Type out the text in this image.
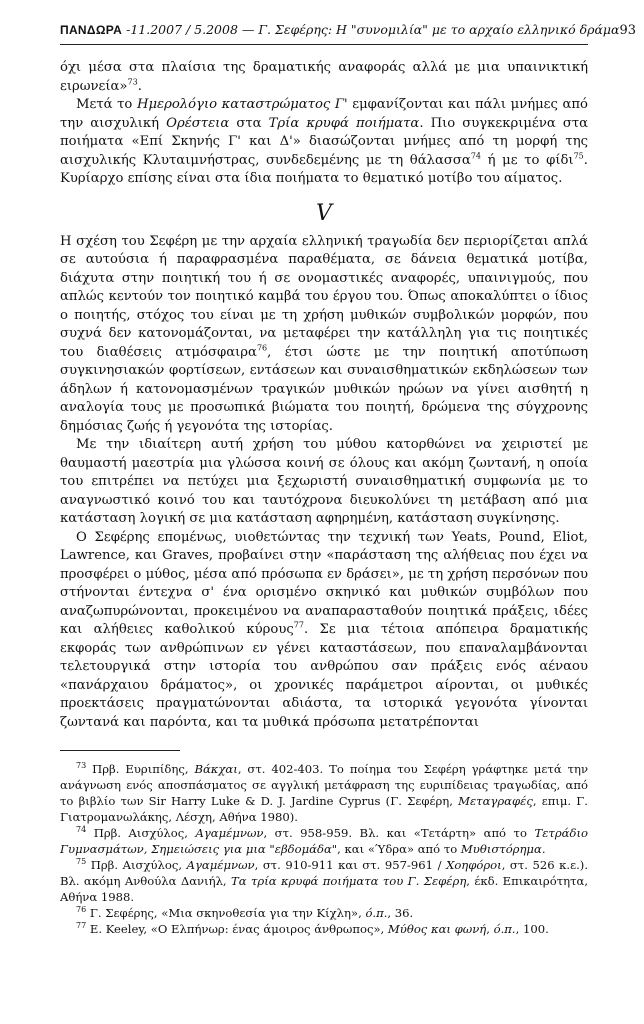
ΠΑΝΔΩΡΑ -11.2007 / 5.2008 — Γ. Σεφέρης: Η "συνομιλία" με το αρχαίο ελληνικό δράμα 93

όχι μέσα στα πλαίσια της δραματικής αναφοράς αλλά με μια υπαινικτική ειρωνεία»$^{73}$.

Μετά το Ημερολόγιο καταστρώματος Γ' εμφανίζονται και πάλι μνήμες από την αισχυλική Ορέστεια στα Τρία κρυφά ποιήματα. Πιο συγκεκριμένα στα ποιήματα «Επί Σκηνής Γ' και Δ'» διασώζονται μνήμες από τη μορφή της αισχυλικής Κλυταιμνήστρας, συνδεδεμένης με τη θάλασσα$^{74}$ ή με το φίδι$^{75}$. Κυρίαρχο επίσης είναι στα ίδια ποιήματα το θεματικό μοτίβο του αίματος.

V

Η σχέση του Σεφέρη με την αρχαία ελληνική τραγωδία δεν περιορίζεται απλά σε αυτούσια ή παραφρασμένα παραθέματα, σε δάνεια θεματικά μοτίβα, διάχυτα στην ποιητική του ή σε ονομαστικές αναφορές, υπαινιγμούς, που απλώς κεντούν τον ποιητικό καμβά του έργου του. Όπως αποκαλύπτει ο ίδιος ο ποιητής, στόχος του είναι με τη χρήση μυθικών συμβολικών μορφών, που συχνά δεν κατονομάζονται, να μεταφέρει την κατάλληλη για τις ποιητικές του διαθέσεις ατμόσφαιρα$^{76}$, έτσι ώστε με την ποιητική αποτύπωση συγκινησιακών φορτίσεων, εντάσεων και συναισθηματικών εκδηλώσεων των άδηλων ή κατονομασμένων τραγικών μυθικών ηρώων να γίνει αισθητή η αναλογία τους με προσωπικά βιώματα του ποιητή, δρώμενα της σύγχρονης δημόσιας ζωής ή γεγονότα της ιστορίας.

Με την ιδιαίτερη αυτή χρήση του μύθου κατορθώνει να χειριστεί με θαυμαστή μαεστρία μια γλώσσα κοινή σε όλους και ακόμη ζωντανή, η οποία του επιτρέπει να πετύχει μια ξεχωριστή συναισθηματική συμφωνία με το αναγνωστικό κοινό του και ταυτόχρονα διευκολύνει τη μετάβαση από μια κατάσταση λογική σε μια κατάσταση αφηρημένη, κατάσταση συγκίνησης.

Ο Σεφέρης επομένως, υιοθετώντας την τεχνική των Yeats, Pound, Eliot, Lawrence, και Graves, προβαίνει στην «παράσταση της αλήθειας που έχει να προσφέρει ο μύθος, μέσα από πρόσωπα εν δράσει», με τη χρήση περσόνων που στήνονται έντεχνα σ' ένα ορισμένο σκηνικό και μυθικών συμβόλων που αναζωπυρώνονται, προκειμένου να αναπαρασταθούν ποιητικά πράξεις, ιδέες και αλήθειες καθολικού κύρους$^{77}$. Σε μια τέτοια απόπειρα δραματικής εκφοράς των ανθρώπινων εν γένει καταστάσεων, που επαναλαμβάνονται τελετουργικά στην ιστορία του ανθρώπου σαν πράξεις ενός αέναου «πανάρχαιου δράματος», οι χρονικές παράμετροι αίρονται, οι μυθικές προεκτάσεις πραγματώνονται αδιάστα, τα ιστορικά γεγονότα γίνονται ζωντανά και παρόντα, και τα μυθικά πρόσωπα μετατρέπονται

$^{73}$ Πρβ. Ευριπίδης, Βάκχαι, στ. 402-403. Το ποίημα του Σεφέρη γράφτηκε μετά την ανάγνωση ενός αποσπάσματος σε αγγλική μετάφραση της ευριπίδειας τραγωδίας, από το βιβλίο των Sir Harry Luke & D. J. Jardine Cyprus (Γ. Σεφέρη, Μεταγραφές, επιμ. Γ. Γιατρομανωλάκης, Λέσχη, Αθήνα 1980).

$^{74}$ Πρβ. Αισχύλος, Αγαμέμνων, στ. 958-959. Βλ. και «Τετάρτη» από το Τετράδιο Γυμνασμάτων, Σημειώσεις για μια "εβδομάδα", και «Ύδρα» από το Μυθιστόρημα.

$^{75}$ Πρβ. Αισχύλος, Αγαμέμνων, στ. 910-911 και στ. 957-961 / Χοηφόροι, στ. 526 κ.ε.). Βλ. ακόμη Ανθούλα Δανιήλ, Τα τρία κρυφά ποιήματα του Γ. Σεφέρη, έκδ. Επικαιρότητα, Αθήνα 1988.

$^{76}$ Γ. Σεφέρης, «Μια σκηνοθεσία για την Κίχλη», ό.π., 36.

$^{77}$ E. Keeley, «Ο Ελπήνωρ: ένας άμοιρος άνθρωπος», Μύθος και φωνή, ό.π., 100.
